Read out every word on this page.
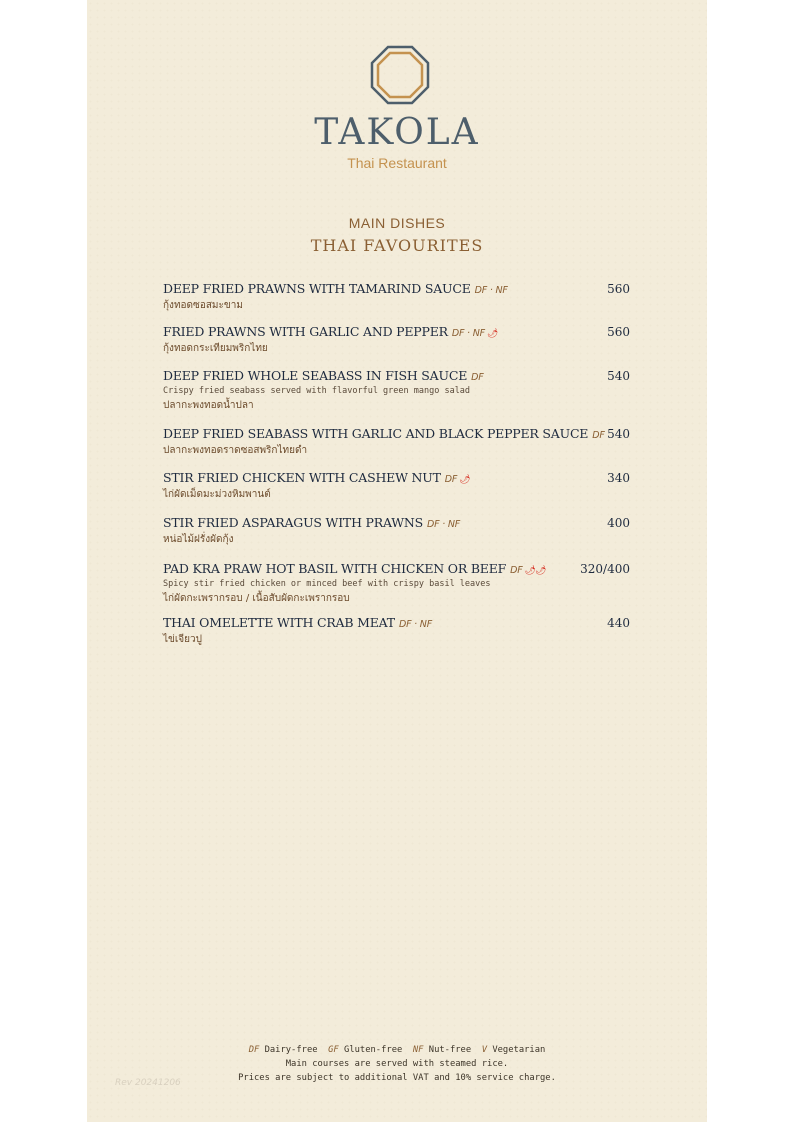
TAKOLA
Thai Restaurant
MAIN DISHES
THAI FAVOURITES
DEEP FRIED PRAWNS WITH TAMARIND SAUCE DF · NF
กุ้งทอดซอสมะขาม
FRIED PRAWNS WITH GARLIC AND PEPPER DF · NF 🌶
กุ้งทอดกระเทียมพริกไทย
DEEP FRIED WHOLE SEABASS IN FISH SAUCE DF
Crispy fried seabass served with flavorful green mango salad
ปลากะพงทอดน้ำปลา
DEEP FRIED SEABASS WITH GARLIC AND BLACK PEPPER SAUCE DF
ปลากะพงทอดราดซอสพริกไทยดำ
STIR FRIED CHICKEN WITH CASHEW NUT DF 🌶
ไก่ผัดเม็ดมะม่วงหิมพานต์
STIR FRIED ASPARAGUS WITH PRAWNS DF · NF
หน่อไม้ฝรั่งผัดกุ้ง
PAD KRA PRAW HOT BASIL WITH CHICKEN OR BEEF DF 🌶🌶
Spicy stir fried chicken or minced beef with crispy basil leaves
ไก่ผัดกะเพรากรอบ / เนื้อสับผัดกะเพรากรอบ
THAI OMELETTE WITH CRAB MEAT DF · NF
ไข่เจียวปู
DF Dairy-free GF Gluten-free NF Nut-free V Vegetarian
Main courses are served with steamed rice.
Prices are subject to additional VAT and 10% service charge.
Rev 20241206
560
560
540
540
340
400
320/400
440
